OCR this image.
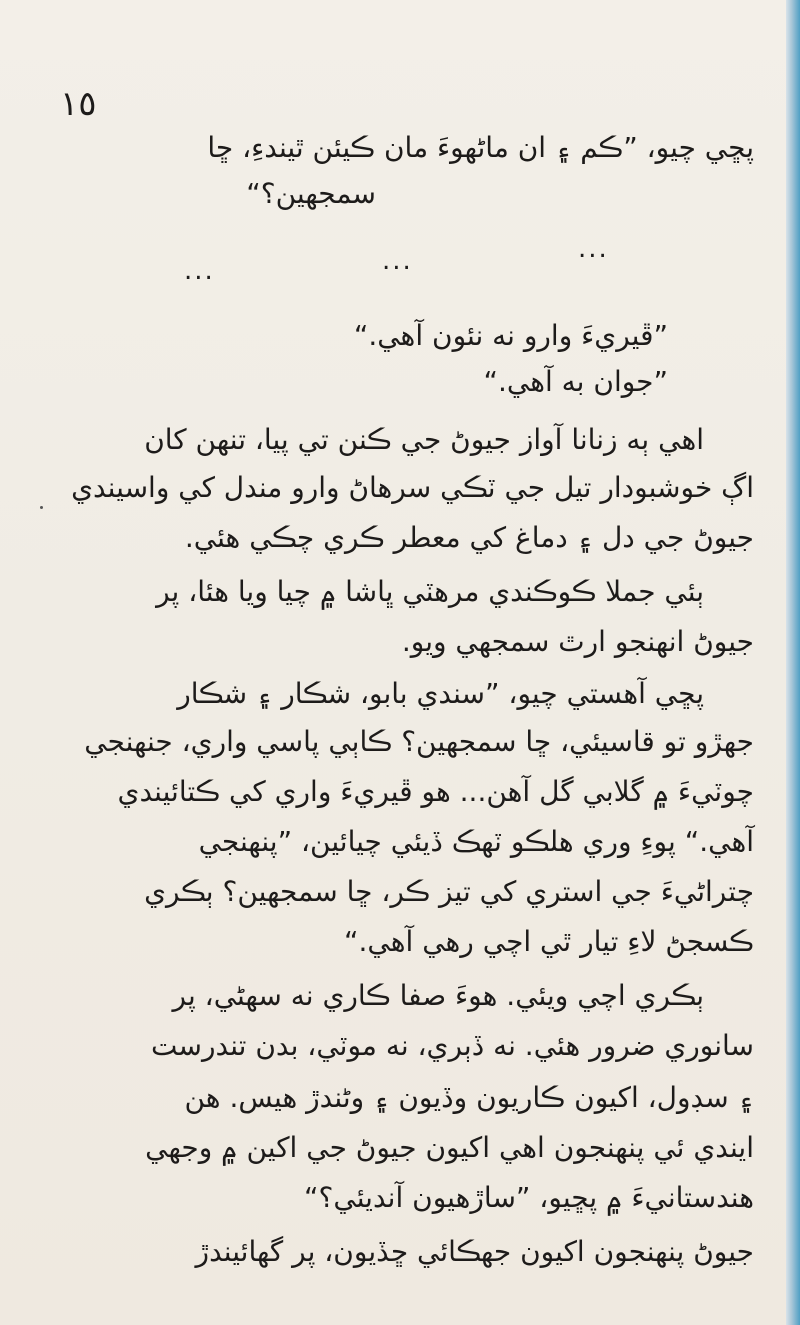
١٥
پڇي چيو، ”ڪم ۽ ان ماڻهوءَ مان ڪيئن ٿيندءِ، ڇا
سمجهين؟“
...
...
...
”ڦيريءَ وارو نه نئون آهي.“
”جوان به آهي.“
اهي ٻه زنانا آواز جيوڻ جي ڪنن تي پيا، تنهن کان
اڳ خوشبودار تيل جي ٽڪي سرهاڻ وارو مندل کي واسيندي
جيوڻ جي دل ۽ دماغ کي معطر ڪري چڪي هئي.
ٻئي جملا ڪوڪندي مرهٽي ڀاشا ۾ چيا ويا هئا، پر
جيوڻ انهنجو ارٿ سمجهي ويو.
پڇي آهستي چيو، ”سندي بابو، شڪار ۽ شڪار
جهڙو تو قاسيئي، ڇا سمجهين؟ ڪاٻي پاسي واري، جنهنجي
چوٽيءَ ۾ گلابي گل آهن... هو ڦيريءَ واري کي ڪتائيندي
آهي.“ پوءِ وري هلڪو ٽهڪ ڏيئي چيائين، ”پنهنجي
چتراڻيءَ جي استري کي تيز ڪر، ڇا سمجهين؟ ٻڪري
ڪسجڻ لاءِ تيار ٿي اچي رهي آهي.“
ٻڪري اچي ويئي. هوءَ صفا ڪاري نه سهڻي، پر
سانوري ضرور هئي. نه ڏٻري، نه موٽي، بدن تندرست
۽ سڊول، اکيون ڪاريون وڏيون ۽ وڻندڙ هيس. هن
ايندي ئي پنهنجون اهي اکيون جيوڻ جي اکين ۾ وجهي
هندستانيءَ ۾ پڇيو، ”ساڙهيون آنديئي؟“
جيوڻ پنهنجون اکيون جهڪائي ڇڏيون، پر گهائيندڙ
